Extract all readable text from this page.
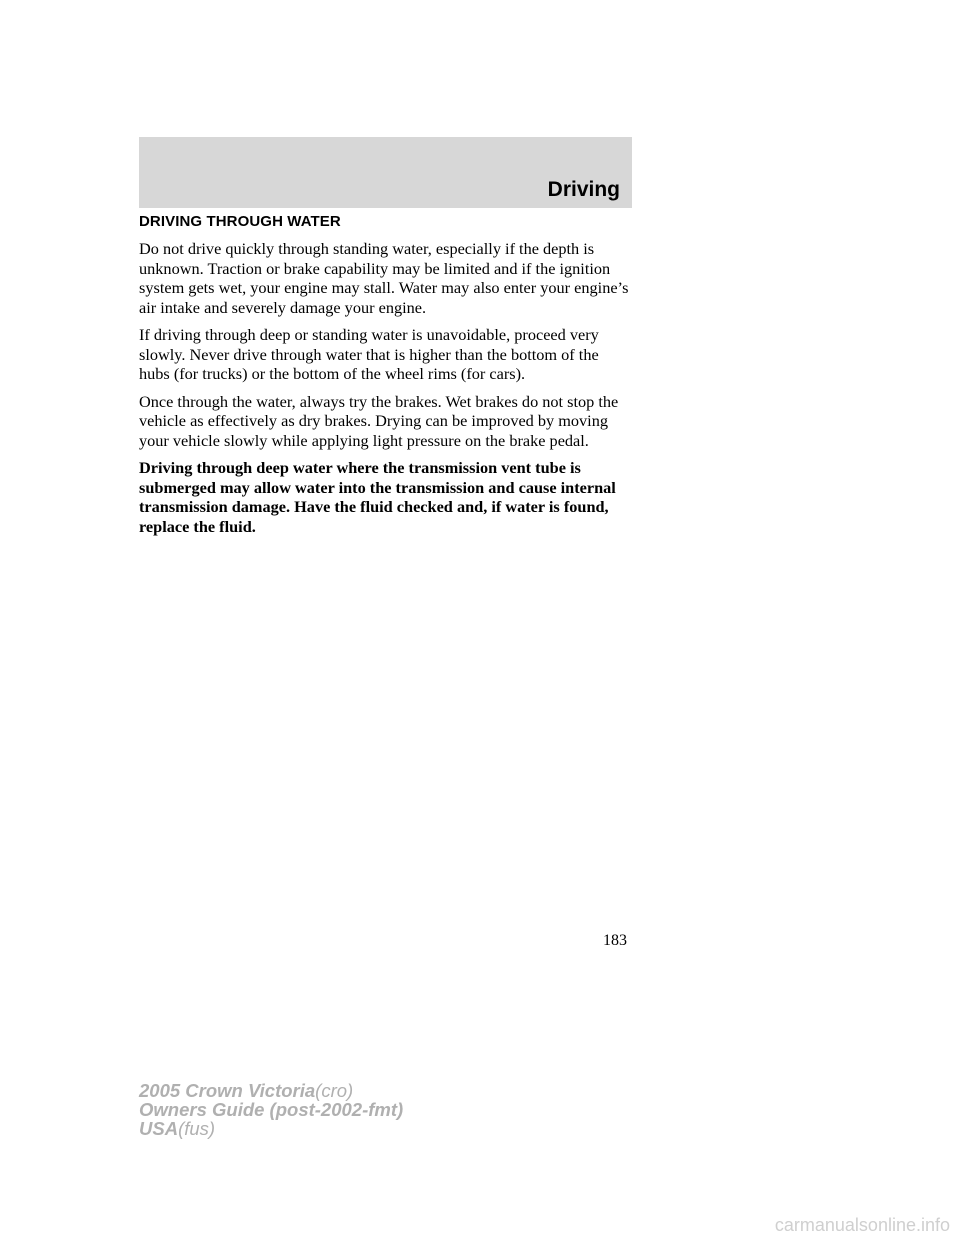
Driving
DRIVING THROUGH WATER

Do not drive quickly through standing water, especially if the depth is unknown. Traction or brake capability may be limited and if the ignition system gets wet, your engine may stall. Water may also enter your engine’s air intake and severely damage your engine.

If driving through deep or standing water is unavoidable, proceed very slowly. Never drive through water that is higher than the bottom of the hubs (for trucks) or the bottom of the wheel rims (for cars).

Once through the water, always try the brakes. Wet brakes do not stop the vehicle as effectively as dry brakes. Drying can be improved by moving your vehicle slowly while applying light pressure on the brake pedal.

Driving through deep water where the transmission vent tube is submerged may allow water into the transmission and cause internal transmission damage. Have the fluid checked and, if water is found, replace the fluid.

183
2005 Crown Victoria(cro)
Owners Guide (post-2002-fmt)
USA(fus)
carmanualsonline.info
